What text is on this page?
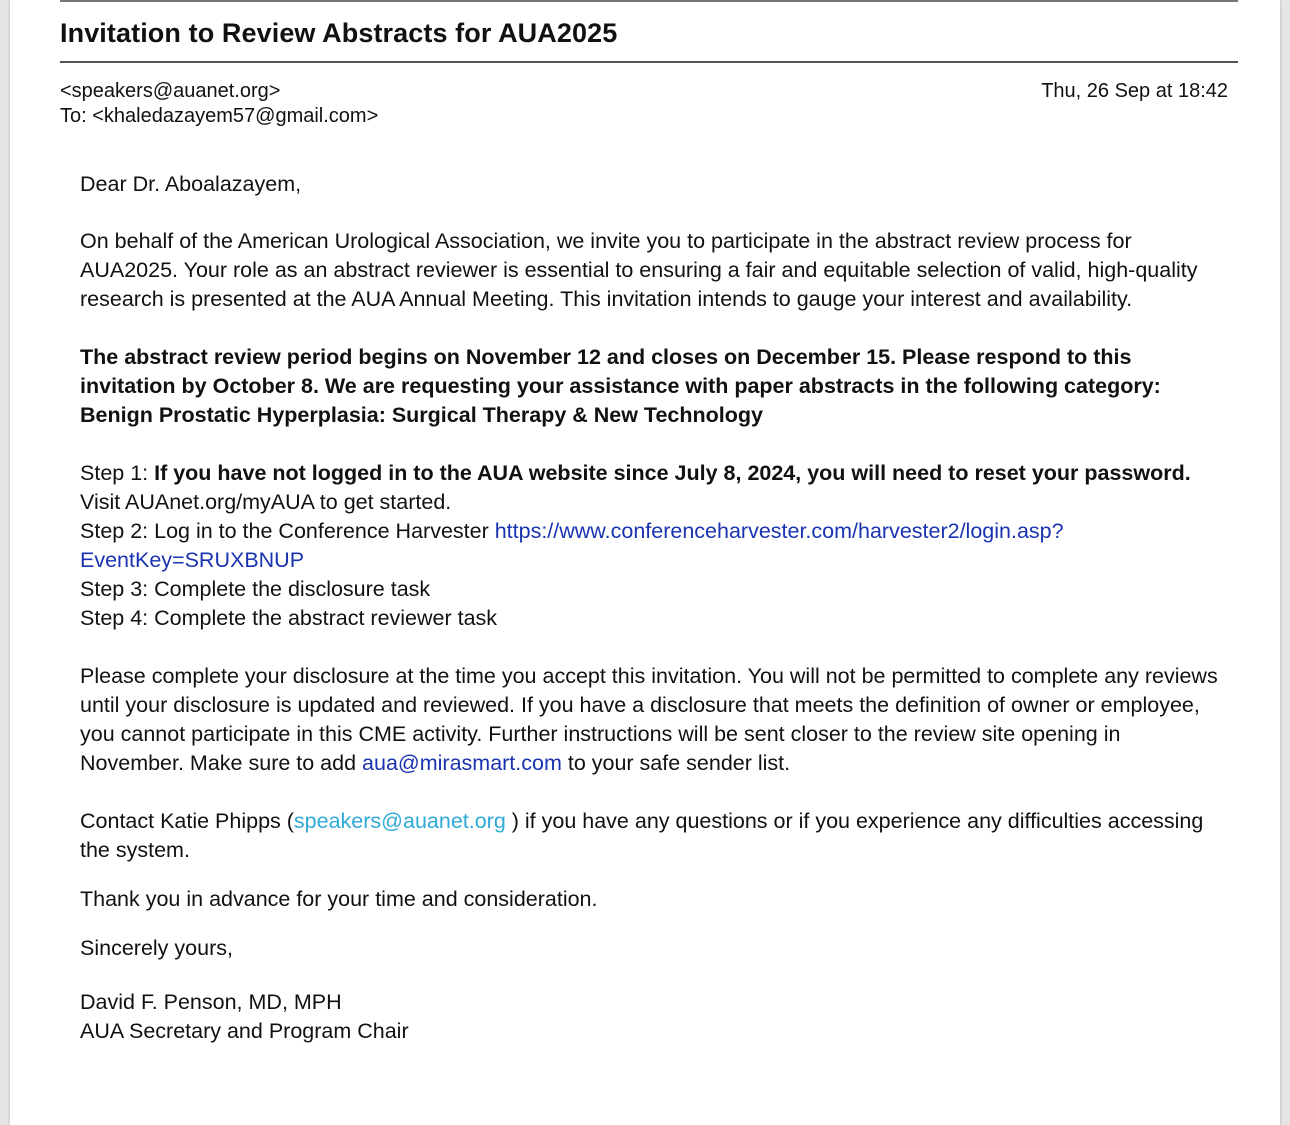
Invitation to Review Abstracts for AUA2025
<speakers@auanet.org>
To: <khaledazayem57@gmail.com>
Thu, 26 Sep at 18:42

Dear Dr. Aboalazayem,

On behalf of the American Urological Association, we invite you to participate in the abstract review process for AUA2025. Your role as an abstract reviewer is essential to ensuring a fair and equitable selection of valid, high-quality research is presented at the AUA Annual Meeting. This invitation intends to gauge your interest and availability.

The abstract review period begins on November 12 and closes on December 15. Please respond to this invitation by October 8. We are requesting your assistance with paper abstracts in the following category: Benign Prostatic Hyperplasia: Surgical Therapy & New Technology

Step 1: If you have not logged in to the AUA website since July 8, 2024, you will need to reset your password. Visit AUAnet.org/myAUA to get started.

Step 2: Log in to the Conference Harvester https://www.conferenceharvester.com/harvester2/login.asp?EventKey=SRUXBNUP

Step 3: Complete the disclosure task

Step 4: Complete the abstract reviewer task

Please complete your disclosure at the time you accept this invitation. You will not be permitted to complete any reviews until your disclosure is updated and reviewed. If you have a disclosure that meets the definition of owner or employee, you cannot participate in this CME activity. Further instructions will be sent closer to the review site opening in November. Make sure to add aua@mirasmart.com to your safe sender list.

Contact Katie Phipps (speakers@auanet.org ) if you have any questions or if you experience any difficulties accessing the system.

Thank you in advance for your time and consideration.

Sincerely yours,

David F. Penson, MD, MPH

AUA Secretary and Program Chair
